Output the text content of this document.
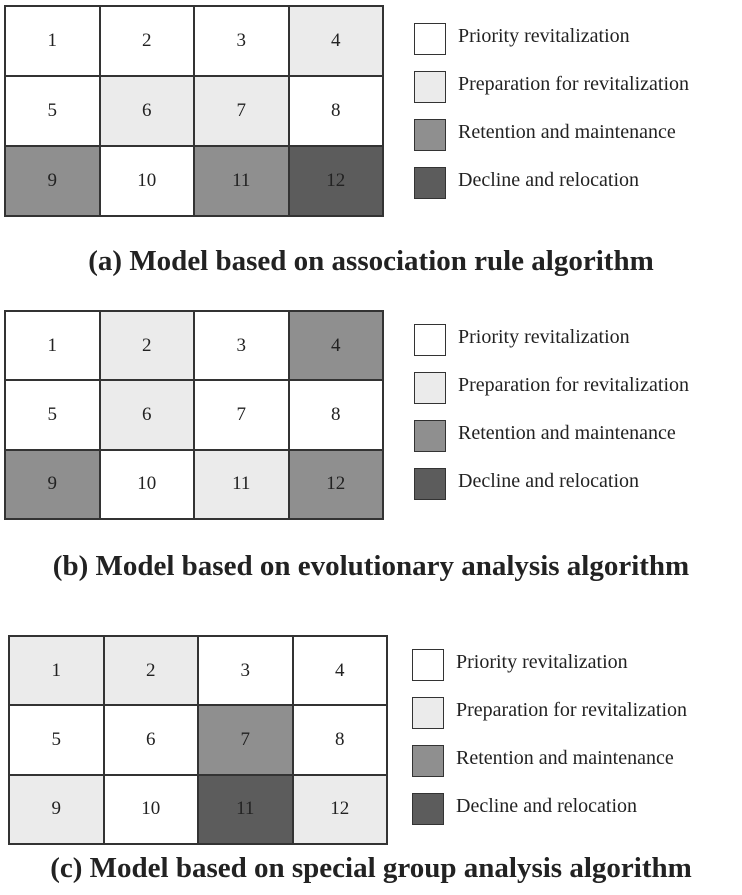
1	2	3	4
5	6	7	8
9	10	11	12
Priority revitalization
Preparation for revitalization
Retention and maintenance
Decline and relocation
(a) Model based on association rule algorithm
1	2	3	4
5	6	7	8
9	10	11	12
Priority revitalization
Preparation for revitalization
Retention and maintenance
Decline and relocation
(b) Model based on evolutionary analysis algorithm
1	2	3	4
5	6	7	8
9	10	11	12
Priority revitalization
Preparation for revitalization
Retention and maintenance
Decline and relocation
(c) Model based on special group analysis algorithm
